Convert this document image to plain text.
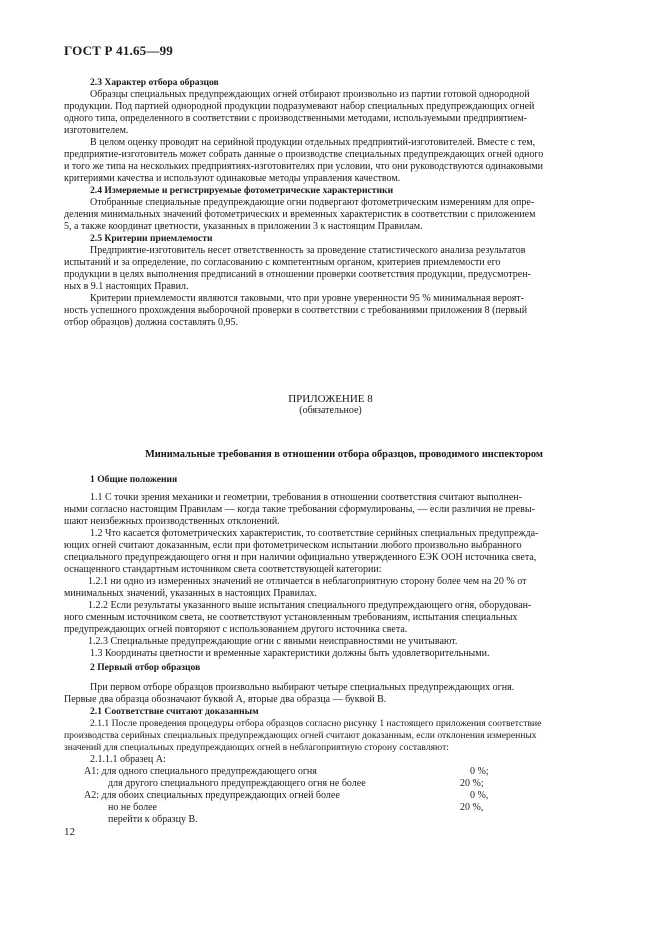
ГОСТ Р 41.65—99
2.3 Характер отбора образцов
Образцы специальных предупреждающих огней отбирают произвольно из партии готовой однородной
продукции. Под партией однородной продукции подразумевают набор специальных предупреждающих огней
одного типа, определенного в соответствии с производственными методами, используемыми предприятием-
изготовителем.
В целом оценку проводят на серийной продукции отдельных предприятий-изготовителей. Вместе с тем,
предприятие-изготовитель может собрать данные о производстве специальных предупреждающих огней одного
и того же типа на нескольких предприятиях-изготовителях при условии, что они руководствуются одинаковыми
критериями качества и используют одинаковые методы управления качеством.
2.4 Измеряемые и регистрируемые фотометрические характеристики
Отобранные специальные предупреждающие огни подвергают фотометрическим измерениям для опре-
деления минимальных значений фотометрических и временных характеристик в соответствии с приложением
5, а также координат цветности, указанных в приложении 3 к настоящим Правилам.
2.5 Критерии приемлемости
Предприятие-изготовитель несет ответственность за проведение статистического анализа результатов
испытаний и за определение, по согласованию с компетентным органом, критериев приемлемости его
продукции в целях выполнения предписаний в отношении проверки соответствия продукции, предусмотрен-
ных в 9.1 настоящих Правил.
Критерии приемлемости являются таковыми, что при уровне уверенности 95 % минимальная вероят-
ность успешного прохождения выборочной проверки в соответствии с требованиями приложения 8 (первый
отбор образцов) должна составлять 0,95.
ПРИЛОЖЕНИЕ 8
(обязательное)
Минимальные требования в отношении отбора образцов, проводимого инспектором
1 Общие положения
1.1 С точки зрения механики и геометрии, требования в отношении соответствия считают выполнен-
ными согласно настоящим Правилам — когда такие требования сформулированы, — если различия не превы-
шают неизбежных производственных отклонений.
1.2 Что касается фотометрических характеристик, то соответствие серийных специальных предупрежда-
ющих огней считают доказанным, если при фотометрическом испытании любого произвольно выбранного
специального предупреждающего огня и при наличии официально утвержденного ЕЭК ООН источника света,
оснащенного стандартным источником света соответствующей категории:
1.2.1 ни одно из измеренных значений не отличается в неблагоприятную сторону более чем на 20 % от
минимальных значений, указанных в настоящих Правилах.
1.2.2 Если результаты указанного выше испытания специального предупреждающего огня, оборудован-
ного сменным источником света, не соответствуют установленным требованиям, испытания специальных
предупреждающих огней повторяют с использованием другого источника света.
1.2.3 Специальные предупреждающие огни с явными неисправностями не учитывают.
1.3 Координаты цветности и временные характеристики должны быть удовлетворительными.
2 Первый отбор образцов
При первом отборе образцов произвольно выбирают четыре специальных предупреждающих огня.
Первые два образца обозначают буквой А, вторые два образца — буквой В.
2.1 Соответствие считают доказанным
2.1.1 После проведения процедуры отбора образцов согласно рисунку 1 настоящего приложения соответствие
производства серийных специальных предупреждающих огней считают доказанным, если отклонения измеренных
значений для специальных предупреждающих огней в неблагоприятную сторону составляют:
2.1.1.1 образец А:
А1: для одного специального предупреждающего огня	0 %;
для другого специального предупреждающего огня не более	20 %;
А2: для обоих специальных предупреждающих огней более	0 %,
но не более	20 %,
перейти к образцу В.
12
